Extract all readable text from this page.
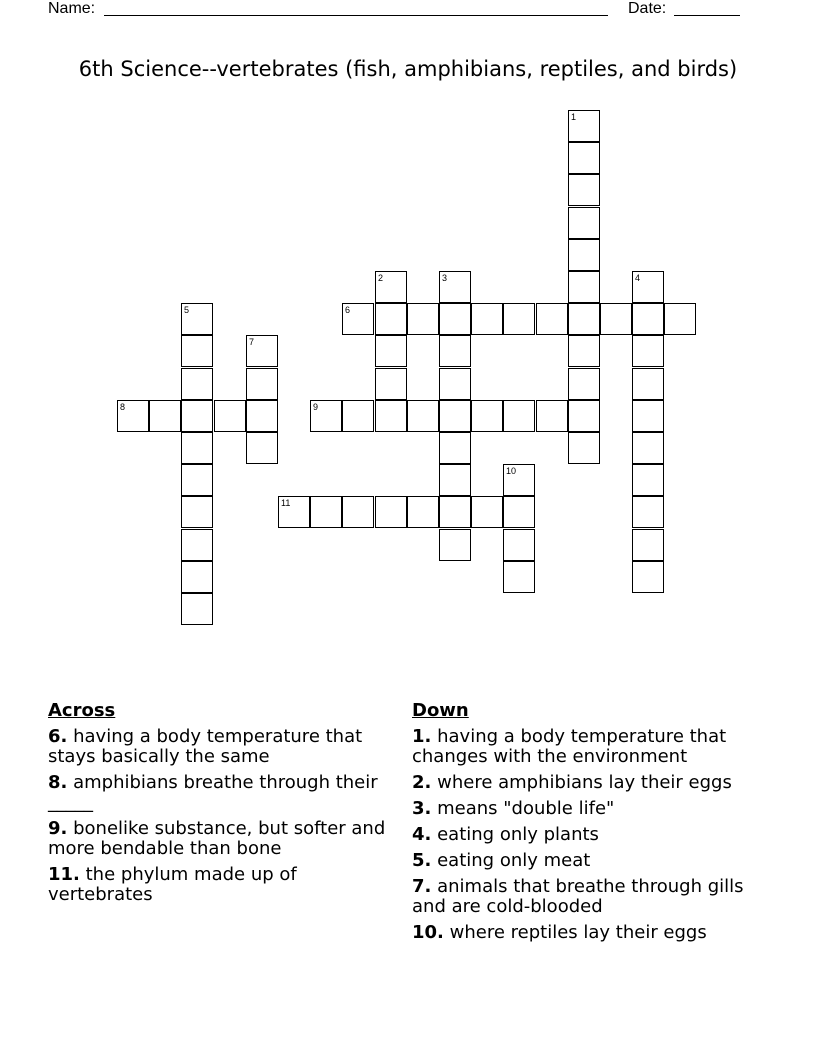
Name:	Date:
6th Science--vertebrates (fish, amphibians, reptiles, and birds)
1
2	3	4
5	6
7
8	9
10
11
Across
6. having a body temperature that stays basically the same
8. amphibians breathe through their _____
9. bonelike substance, but softer and more bendable than bone
11. the phylum made up of vertebrates
Down
1. having a body temperature that changes with the environment
2. where amphibians lay their eggs
3. means "double life"
4. eating only plants
5. eating only meat
7. animals that breathe through gills and are cold-blooded
10. where reptiles lay their eggs
